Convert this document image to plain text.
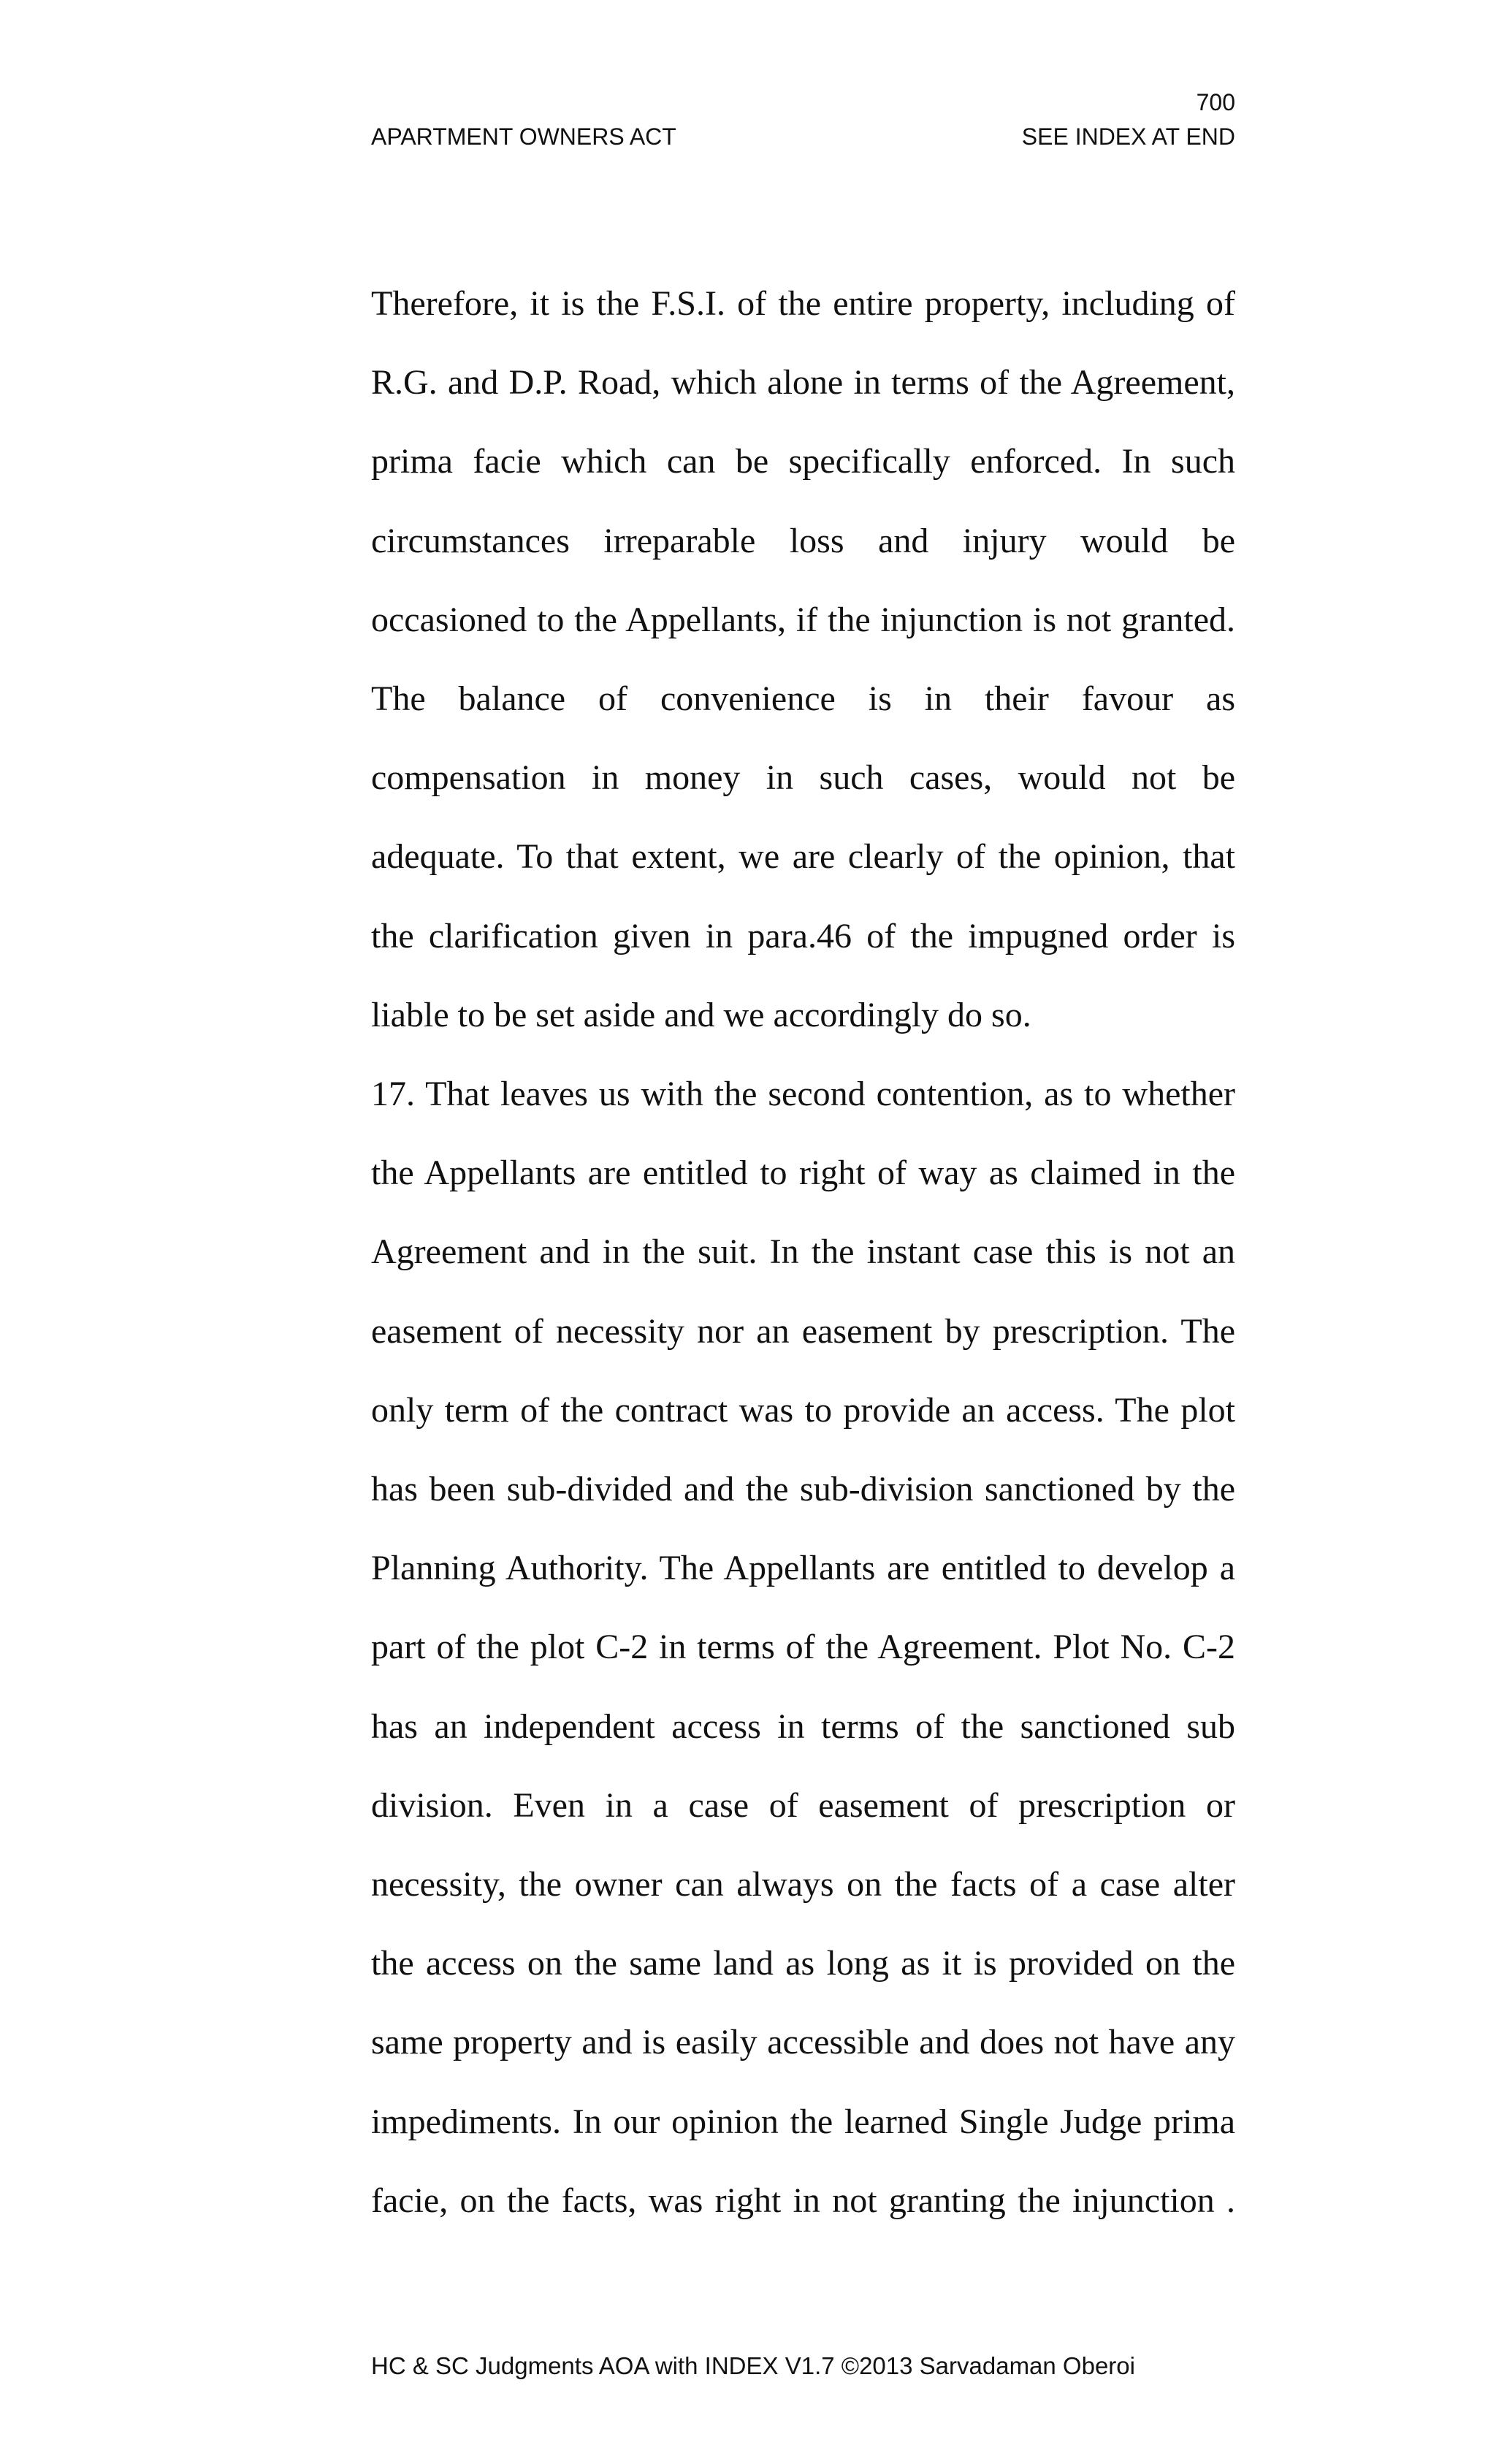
700
APARTMENT OWNERS ACT	SEE INDEX AT END

Therefore, it is the F.S.I. of the entire property, including of R.G. and D.P. Road, which alone in terms of the Agreement, prima facie which can be specifically enforced. In such circumstances irreparable loss and injury would be occasioned to the Appellants, if the injunction is not granted. The balance of convenience is in their favour as compensation in money in such cases, would not be adequate. To that extent, we are clearly of the opinion, that the clarification given in para.46 of the impugned order is liable to be set aside and we accordingly do so.

17. That leaves us with the second contention, as to whether the Appellants are entitled to right of way as claimed in the Agreement and in the suit. In the instant case this is not an easement of necessity nor an easement by prescription. The only term of the contract was to provide an access. The plot has been sub-divided and the sub-division sanctioned by the Planning Authority. The Appellants are entitled to develop a part of the plot C-2 in terms of the Agreement. Plot No. C-2 has an independent access in terms of the sanctioned sub division. Even in a case of easement of prescription or necessity, the owner can always on the facts of a case alter the access on the same land as long as it is provided on the same property and is easily accessible and does not have any impediments. In our opinion the learned Single Judge prima facie, on the facts, was right in not granting the injunction .

HC & SC Judgments AOA with INDEX V1.7 ©2013 Sarvadaman Oberoi
